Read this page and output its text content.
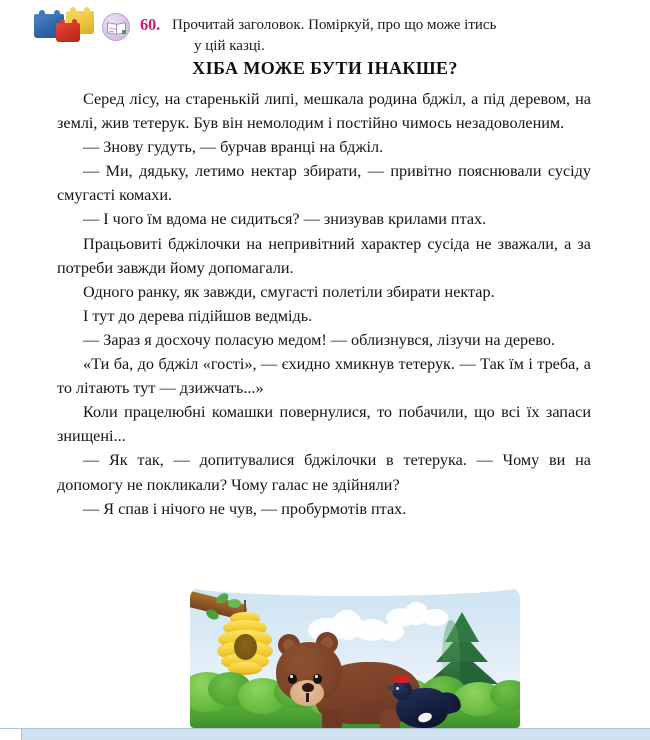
60. Прочитай заголовок. Поміркуй, про що може ітись
у цій казці.
ХІБА МОЖЕ БУТИ ІНАКШЕ?

Серед лісу, на старенькій липі, мешкала родина бджіл, а під деревом, на землі, жив тетерук. Був він немолодим і постійно чимось незадоволеним.

— Знову гудуть, — бурчав вранці на бджіл.

— Ми, дядьку, летимо нектар збирати, — привітно пояснювали сусіду смугасті комахи.

— І чого їм вдома не сидиться? — знизував крилами птах.

Працьовиті бджілочки на непривітний характер сусіда не зважали, а за потреби завжди йому допомагали.

Одного ранку, як завжди, смугасті полетіли збирати нектар.

І тут до дерева підійшов ведмідь.

— Зараз я досхочу поласую медом! — облизнувся, лізучи на дерево.

«Ти ба, до бджіл «гості», — єхидно хмикнув тетерук. — Так їм і треба, а то літають тут — дзижчать...»

Коли працелюбні комашки повернулися, то побачили, що всі їх запаси знищені...

— Як так, — допитувалися бджілочки в тетерука. — Чому ви на допомогу не покликали? Чому галас не здійняли?

— Я спав і нічого не чув, — пробурмотів птах.
